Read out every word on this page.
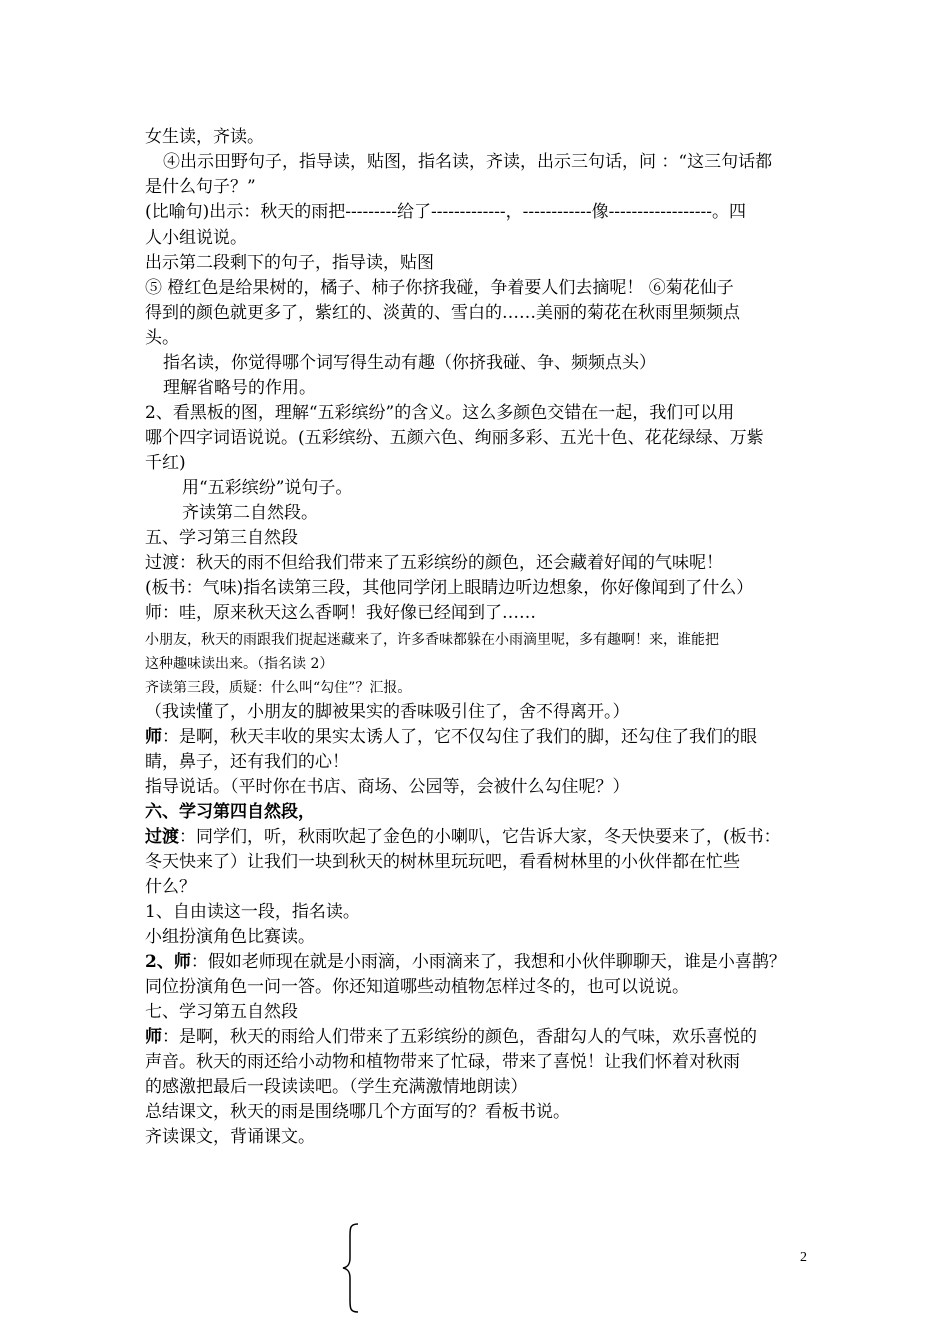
女生读，齐读。
④出示田野句子，指导读，贴图，指名读，齐读，出示三句话，问 ：“这三句话都
是什么句子？”
(比喻句)出示：秋天的雨把---------给了-------------，------------像------------------。四
人小组说说。
出示第二段剩下的句子，指导读，贴图
⑤ 橙红色是给果树的，橘子、柿子你挤我碰，争着要人们去摘呢！ ⑥菊花仙子
得到的颜色就更多了，紫红的、淡黄的、雪白的……美丽的菊花在秋雨里频频点
头。
指名读，你觉得哪个词写得生动有趣（你挤我碰、争、频频点头）
理解省略号的作用。
2、看黑板的图，理解“五彩缤纷”的含义。这么多颜色交错在一起，我们可以用
哪个四字词语说说。(五彩缤纷、五颜六色、绚丽多彩、五光十色、花花绿绿、万紫
千红)
用“五彩缤纷”说句子。
齐读第二自然段。
五、学习第三自然段
过渡：秋天的雨不但给我们带来了五彩缤纷的颜色，还会藏着好闻的气味呢！
(板书：气味)指名读第三段，其他同学闭上眼睛边听边想象，你好像闻到了什么）
师：哇，原来秋天这么香啊！我好像已经闻到了……
小朋友，秋天的雨跟我们捉起迷藏来了，许多香味都躲在小雨滴里呢，多有趣啊！来，谁能把
这种趣味读出来。（指名读 2）
齐读第三段，质疑：什么叫“勾住”？汇报。
（我读懂了，小朋友的脚被果实的香味吸引住了，舍不得离开。）
师：是啊，秋天丰收的果实太诱人了，它不仅勾住了我们的脚，还勾住了我们的眼
睛，鼻子，还有我们的心！
指导说话。（平时你在书店、商场、公园等，会被什么勾住呢？）
六、学习第四自然段，
过渡：同学们，听，秋雨吹起了金色的小喇叭，它告诉大家，冬天快要来了，(板书：
冬天快来了）让我们一块到秋天的树林里玩玩吧，看看树林里的小伙伴都在忙些
什么？
1、自由读这一段，指名读。
小组扮演角色比赛读。
2、师：假如老师现在就是小雨滴，小雨滴来了，我想和小伙伴聊聊天，谁是小喜鹊？
同位扮演角色一问一答。你还知道哪些动植物怎样过冬的，也可以说说。
七、学习第五自然段
师：是啊，秋天的雨给人们带来了五彩缤纷的颜色，香甜勾人的气味，欢乐喜悦的
声音。秋天的雨还给小动物和植物带来了忙碌，带来了喜悦！让我们怀着对秋雨
的感激把最后一段读读吧。（学生充满激情地朗读）
总结课文，秋天的雨是围绕哪几个方面写的？看板书说。
齐读课文，背诵课文。
2
